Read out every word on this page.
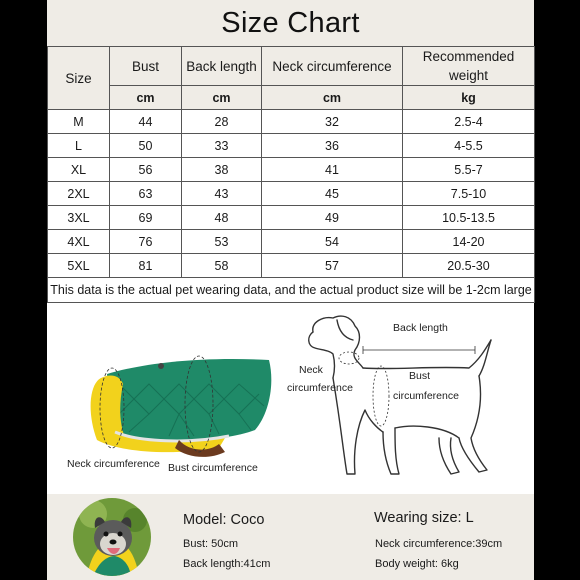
Size Chart
Size	Bust	Back length	Neck circumference	Recommended weight
	cm	cm	cm	kg
M	44	28	32	2.5-4
L	50	33	36	4-5.5
XL	56	38	41	5.5-7
2XL	63	43	45	7.5-10
3XL	69	48	49	10.5-13.5
4XL	76	53	54	14-20
5XL	81	58	57	20.5-30
This data is the actual pet wearing data, and the actual product size will be 1-2cm large				
Neck circumference Bust circumference
Back length
Neck
circumference
Bust
circumference
Model: Coco	Wearing size: L
Bust: 50cm	Neck circumference:39cm
Back length:41cm	Body weight: 6kg
